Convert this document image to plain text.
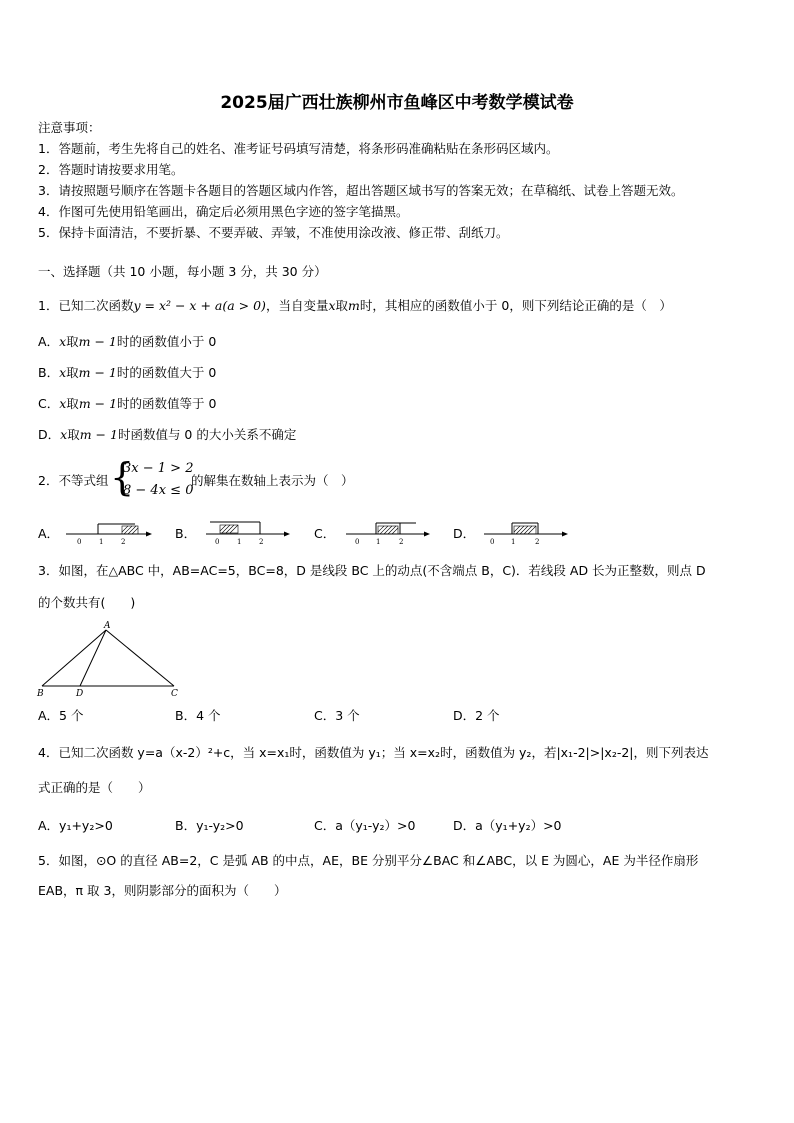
2025届广西壮族柳州市鱼峰区中考数学模试卷
注意事项：
1．答题前，考生先将自己的姓名、准考证号码填写清楚，将条形码准确粘贴在条形码区域内。
2．答题时请按要求用笔。
3．请按照题号顺序在答题卡各题目的答题区域内作答，超出答题区域书写的答案无效；在草稿纸、试卷上答题无效。
4．作图可先使用铅笔画出，确定后必须用黑色字迹的签字笔描黑。
5．保持卡面清洁，不要折暴、不要弄破、弄皱，不准使用涂改液、修正带、刮纸刀。
一、选择题（共 10 小题，每小题 3 分，共 30 分）
1．已知二次函数y = x² − x + a(a > 0)，当自变量x取m时，其相应的函数值小于 0，则下列结论正确的是（　）
A．x取m − 1时的函数值小于 0
B．x取m − 1时的函数值大于 0
C．x取m − 1时的函数值等于 0
D．x取m − 1时函数值与 0 的大小关系不确定
2．不等式组 {
3x − 1 > 2
8 − 4x ≤ 0
的解集在数轴上表示为（　）
A．
0	1	2
B．
0	1	2
C．
0 1	2
D．
0 1	2
3．如图，在△ABC 中，AB=AC=5，BC=8，D 是线段 BC 上的动点(不含端点 B，C)．若线段 AD 长为正整数，则点 D
的个数共有(　　)
A
B	D	C
A．5 个	B．4 个	C．3 个	D．2 个
4．已知二次函数 y=a（x-2）²+c，当 x=x₁时，函数值为 y₁；当 x=x₂时，函数值为 y₂，若|x₁-2|>|x₂-2|，则下列表达
式正确的是（　　）
A．y₁+y₂>0	B．y₁-y₂>0	C．a（y₁-y₂）>0	D．a（y₁+y₂）>0
5．如图，⊙O 的直径 AB=2，C 是弧 AB 的中点，AE，BE 分别平分∠BAC 和∠ABC，以 E 为圆心，AE 为半径作扇形
EAB，π 取 3，则阴影部分的面积为（　　）
